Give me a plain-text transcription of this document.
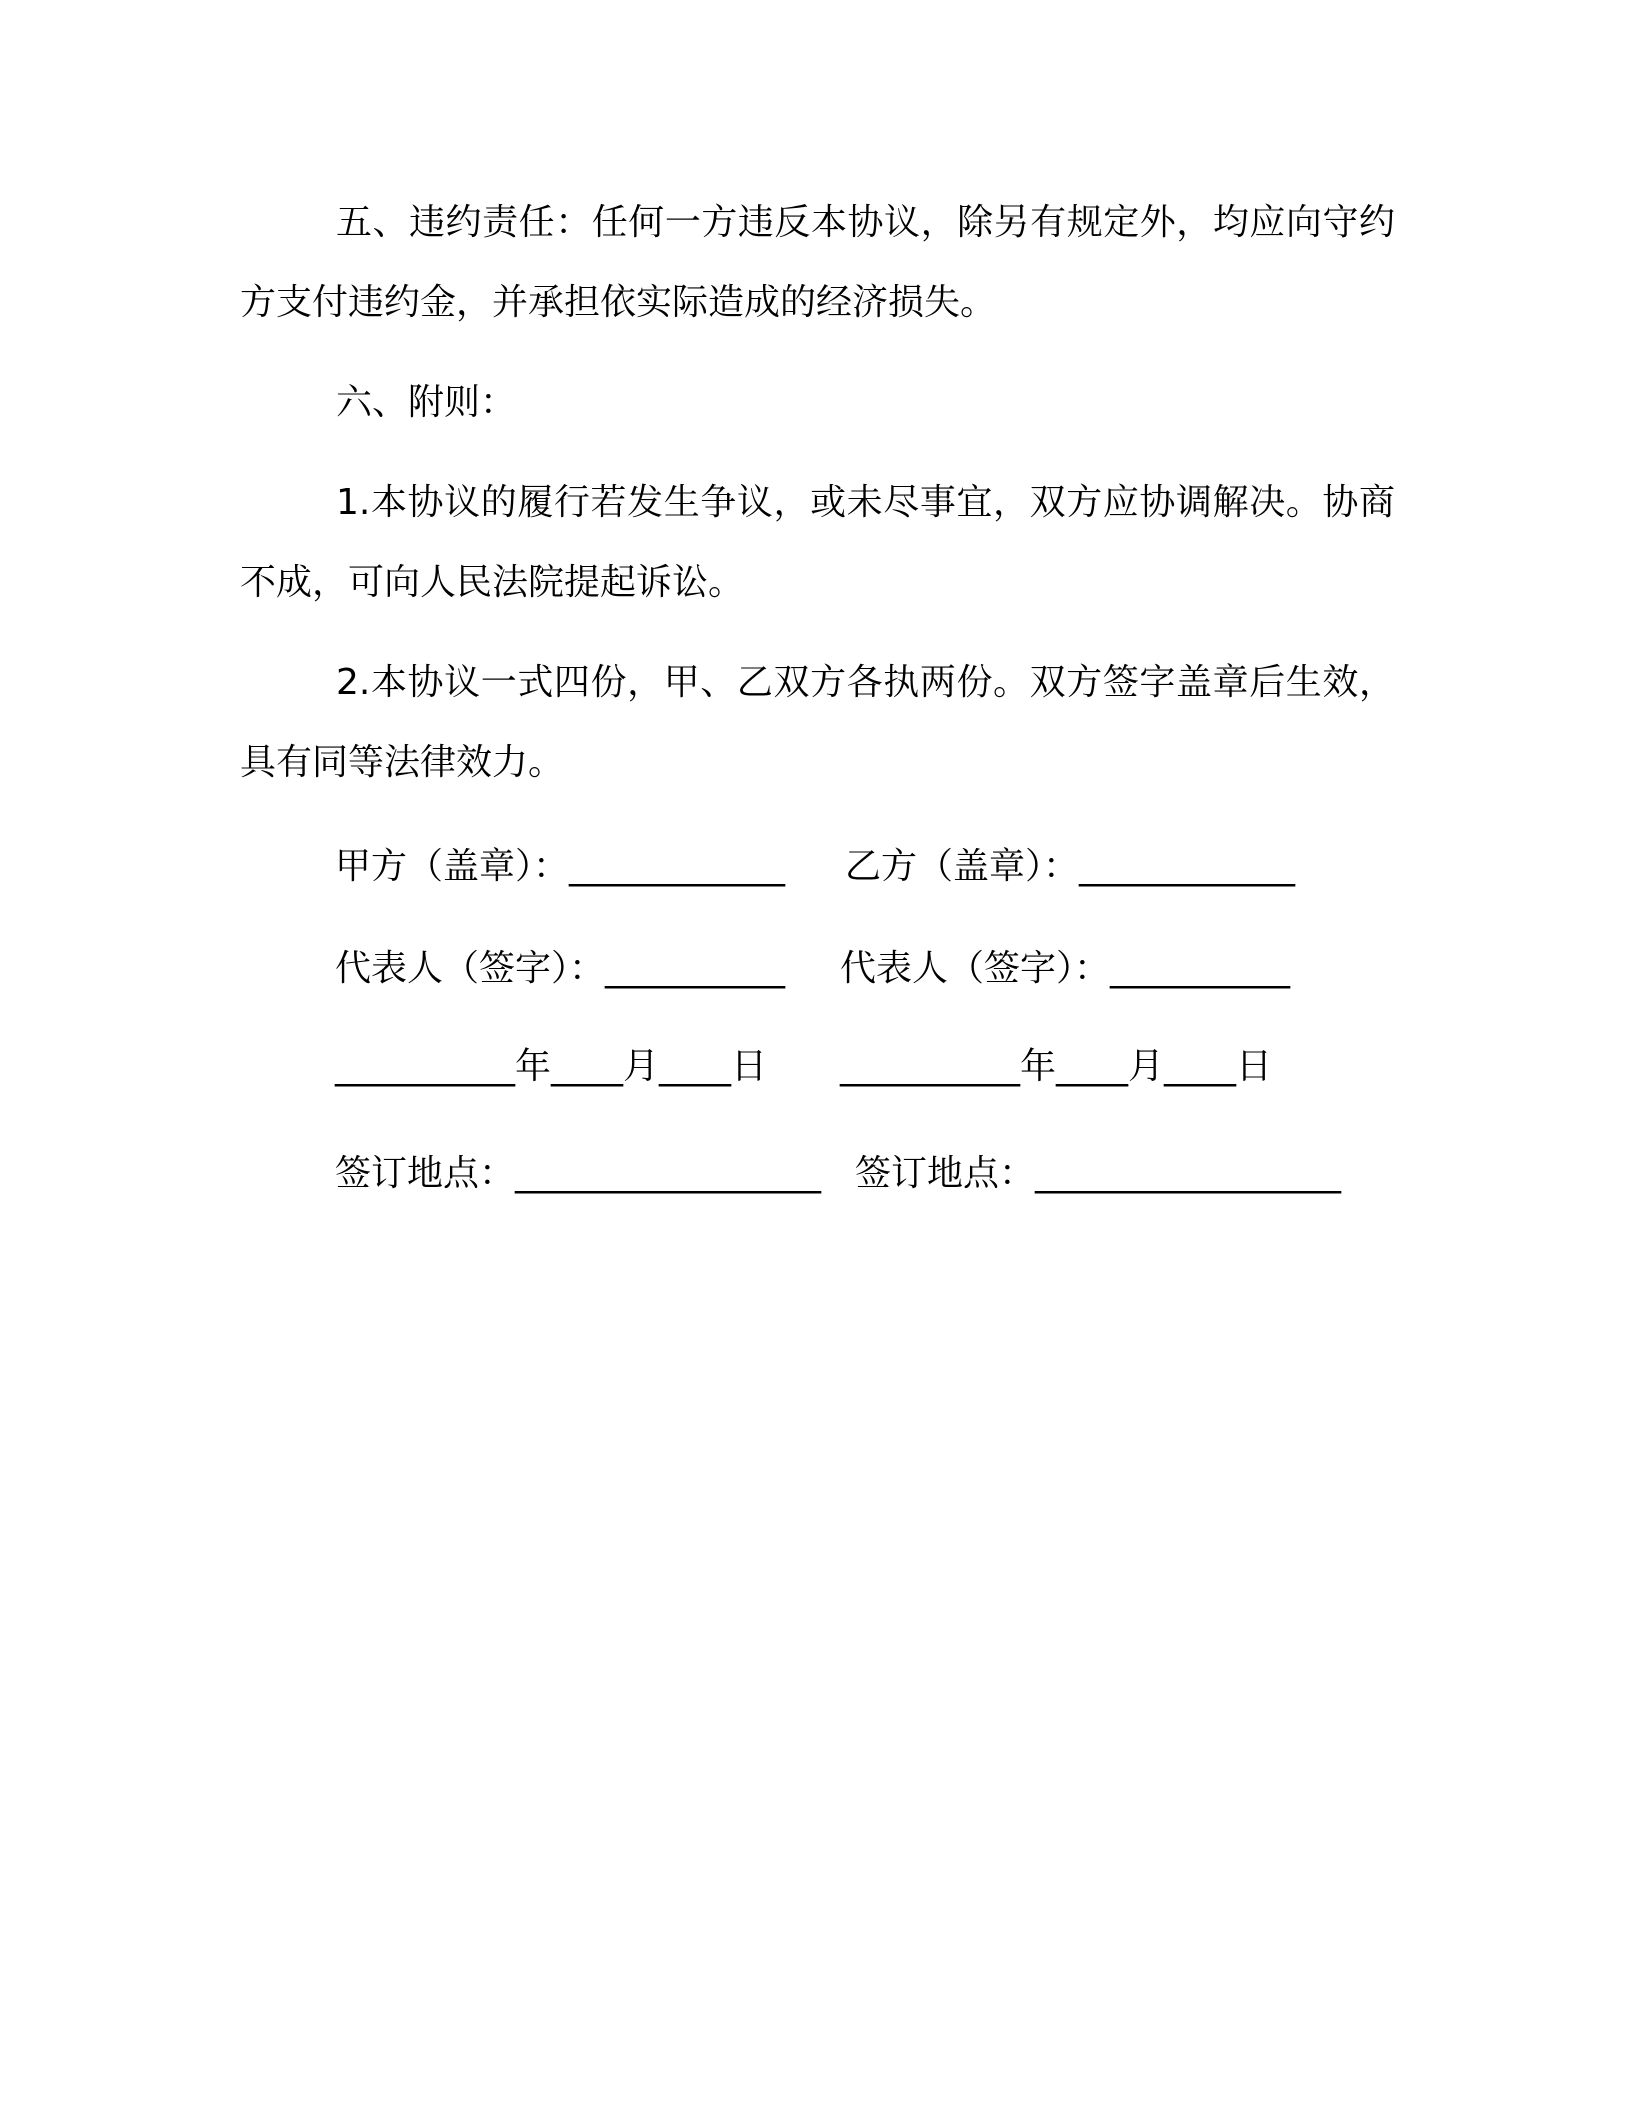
五、违约责任：任何一方违反本协议，除另有规定外，均应向守约方支付违约金，并承担依实际造成的经济损失。

六、附则：

1.本协议的履行若发生争议，或未尽事宜，双方应协调解决。协商不成，可向人民法院提起诉讼。

2.本协议一式四份，甲、乙双方各执两份。双方签字盖章后生效，具有同等法律效力。

甲方（盖章）：____________

乙方（盖章）：____________

代表人（签字）：__________

代表人（签字）：__________

__________年____月____日

__________年____月____日

签订地点：_________________

签订地点：_________________
